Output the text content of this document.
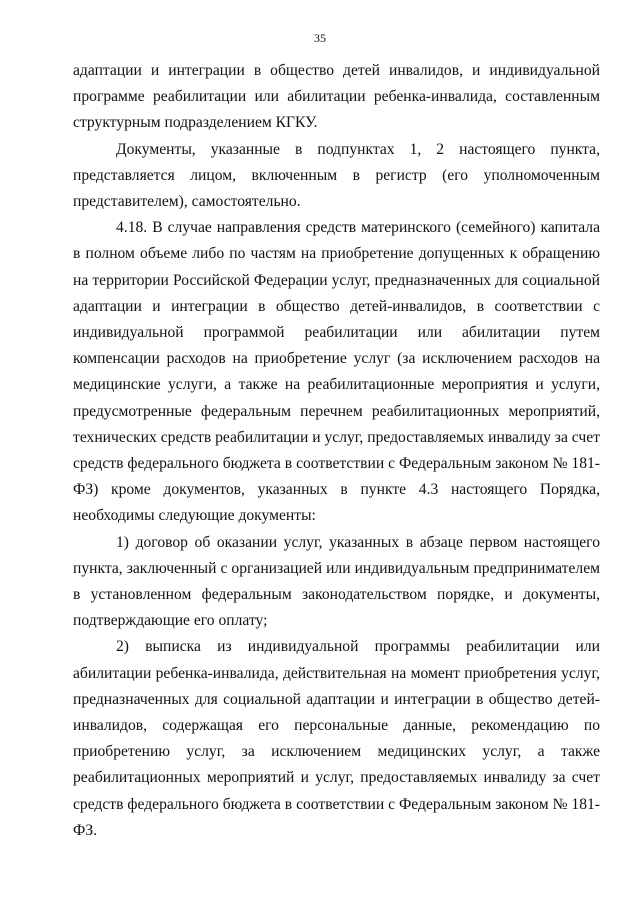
35

адаптации и интеграции в общество детей инвалидов, и индивидуальной программе реабилитации или абилитации ребенка-инвалида, составленным структурным подразделением КГКУ.

Документы, указанные в подпунктах 1, 2 настоящего пункта, представляется лицом, включенным в регистр (его уполномоченным представителем), самостоятельно.

4.18. В случае направления средств материнского (семейного) капитала в полном объеме либо по частям на приобретение допущенных к обращению на территории Российской Федерации услуг, предназначенных для социальной адаптации и интеграции в общество детей-инвалидов, в соответствии с индивидуальной программой реабилитации или абилитации путем компенсации расходов на приобретение услуг (за исключением расходов на медицинские услуги, а также на реабилитационные мероприятия и услуги, предусмотренные федеральным перечнем реабилитационных мероприятий, технических средств реабилитации и услуг, предоставляемых инвалиду за счет средств федерального бюджета в соответствии с Федеральным законом № 181-ФЗ) кроме документов, указанных в пункте 4.3 настоящего Порядка, необходимы следующие документы:

1) договор об оказании услуг, указанных в абзаце первом настоящего пункта, заключенный с организацией или индивидуальным предпринимателем в установленном федеральным законодательством порядке, и документы, подтверждающие его оплату;

2) выписка из индивидуальной программы реабилитации или абилитации ребенка-инвалида, действительная на момент приобретения услуг, предназначенных для социальной адаптации и интеграции в общество детей-инвалидов, содержащая его персональные данные, рекомендацию по приобретению услуг, за исключением медицинских услуг, а также реабилитационных мероприятий и услуг, предоставляемых инвалиду за счет средств федерального бюджета в соответствии с Федеральным законом № 181-ФЗ.
